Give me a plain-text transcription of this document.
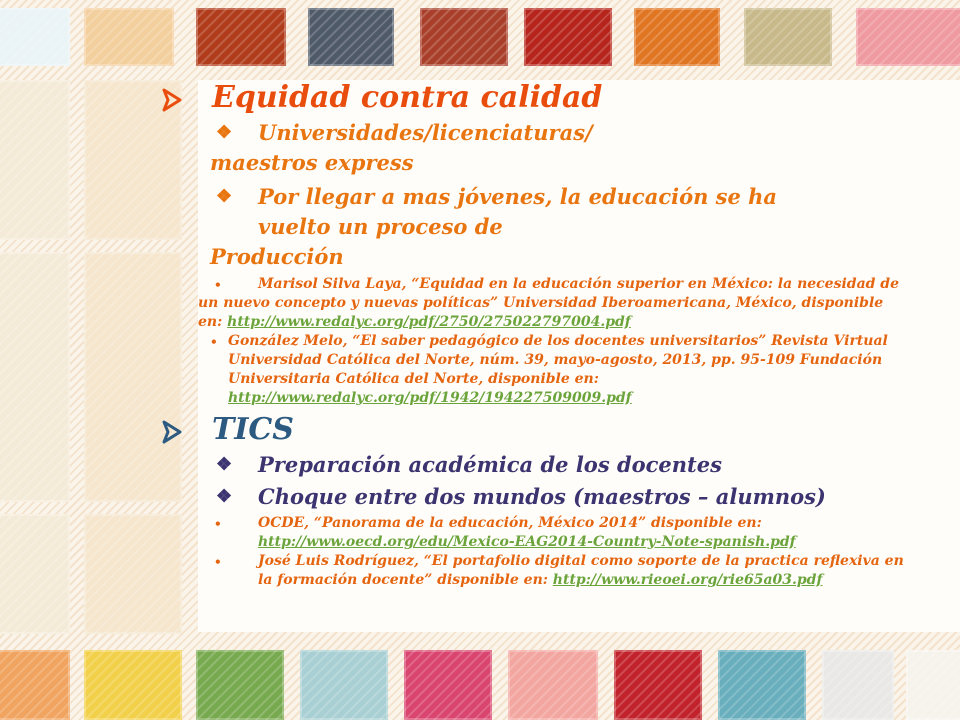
Equidad contra calidad
❖ Universidades/licenciaturas/
maestros express
❖ Por llegar a mas jóvenes, la educación se ha
vuelto un proceso de
Producción
•	Marisol Silva Laya, “Equidad en la educación superior en México: la necesidad de
un nuevo concepto y nuevas políticas” Universidad Iberoamericana, México, disponible
en: http://www.redalyc.org/pdf/2750/275022797004.pdf
• González Melo, “El saber pedagógico de los docentes universitarios” Revista Virtual
Universidad Católica del Norte, núm. 39, mayo-agosto, 2013, pp. 95-109 Fundación
Universitaria Católica del Norte, disponible en:
http://www.redalyc.org/pdf/1942/194227509009.pdf
TICS
❖ Preparación académica de los docentes
❖ Choque entre dos mundos (maestros – alumnos)
•	OCDE, “Panorama de la educación, México 2014” disponible en:
http://www.oecd.org/edu/Mexico-EAG2014-Country-Note-spanish.pdf
•	José Luis Rodríguez, “El portafolio digital como soporte de la practica reflexiva en
la formación docente” disponible en: http://www.rieoei.org/rie65a03.pdf
